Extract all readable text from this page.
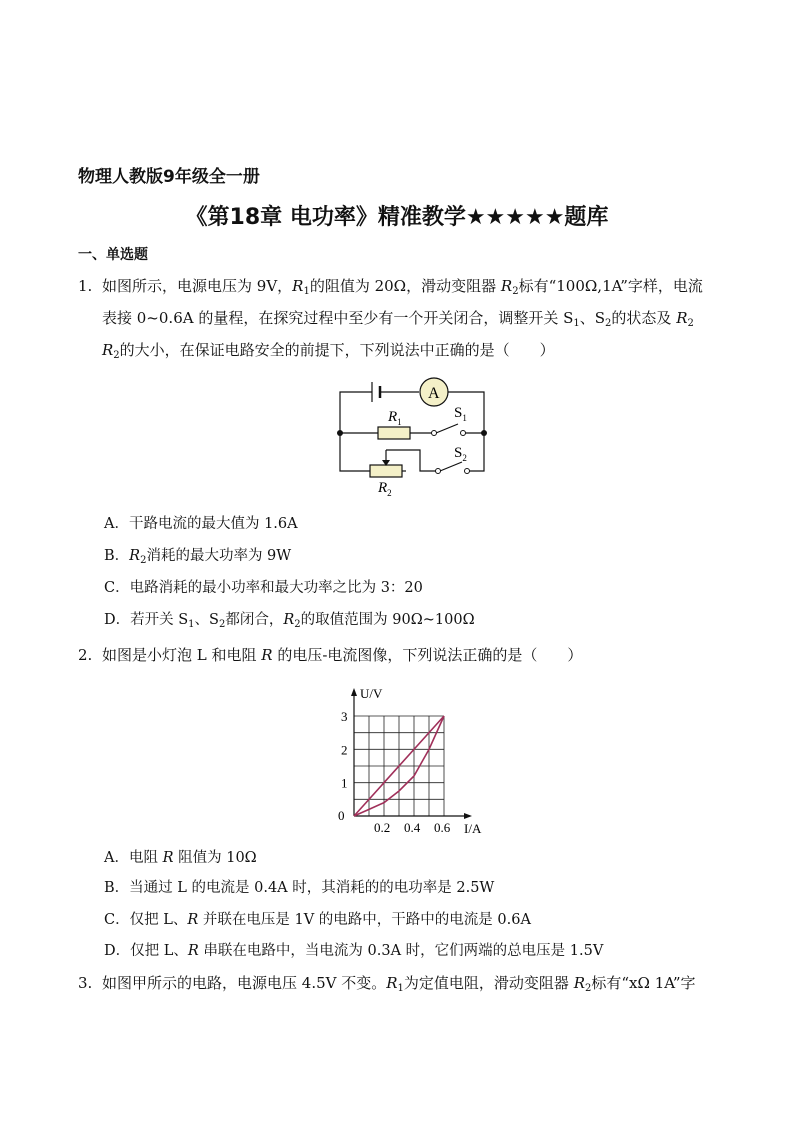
物理人教版9年级全一册
《第18章 电功率》精准教学★★★★★题库
一、单选题
1. 如图所示，电源电压为 9V，$R_1$的阻值为 20Ω，滑动变阻器 $R_2$标有“100Ω,1A”字样，电流
表接 0~0.6A 的量程，在探究过程中至少有一个开关闭合，调整开关 $S_1$、$S_2$的状态及 $R_2$
$R_2$的大小，在保证电路安全的前提下，下列说法中正确的是（　　）
A
$R_1$
$S_1$
$S_2$
$R_2$
A．干路电流的最大值为 1.6A
B．$R_2$消耗的最大功率为 9W
C．电路消耗的最小功率和最大功率之比为 3：20
D．若开关 $S_1$、$S_2$都闭合，$R_2$的取值范围为 90Ω~100Ω
2. 如图是小灯泡 L 和电阻 R 的电压-电流图像，下列说法正确的是（　　）
0.2 0.4 0.6
0
1
2
3
I/A
U/V
A．电阻 R 阻值为 10Ω
B．当通过 L 的电流是 0.4A 时，其消耗的的电功率是 2.5W
C．仅把 L、R 并联在电压是 1V 的电路中，干路中的电流是 0.6A
D．仅把 L、R 串联在电路中，当电流为 0.3A 时，它们两端的总电压是 1.5V
3. 如图甲所示的电路，电源电压 4.5V 不变。$R_1$为定值电阻，滑动变阻器 $R_2$标有“xΩ 1A”字
